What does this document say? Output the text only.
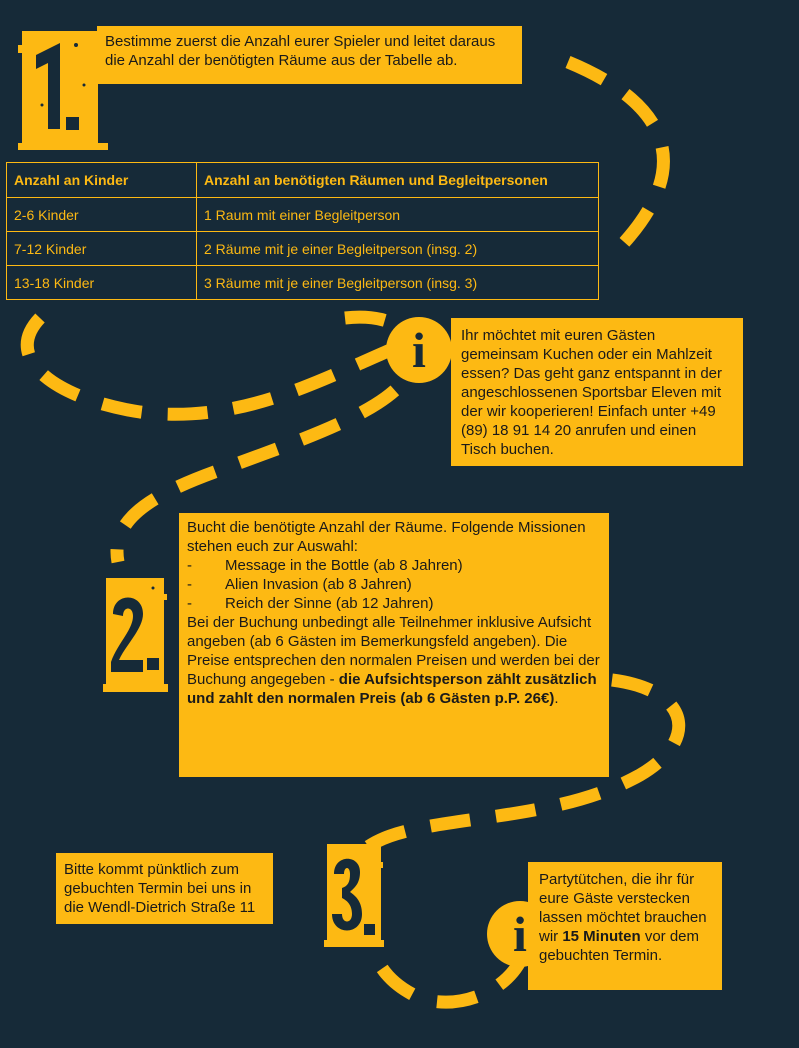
Bestimme zuerst die Anzahl eurer Spieler und leitet daraus die Anzahl der benötigten Räume aus der Tabelle ab.
Anzahl an Kinder	Anzahl an benötigten Räumen und Begleitpersonen
2-6 Kinder	1 Raum mit einer Begleitperson
7-12 Kinder	2 Räume mit je einer Begleitperson (insg. 2)
13-18 Kinder	3 Räume mit je einer Begleitperson (insg. 3)
i	Ihr möchtet mit euren Gästen gemeinsam Kuchen oder ein Mahlzeit essen? Das geht ganz entspannt in der angeschlossenen Sportsbar Eleven mit der wir kooperieren! Einfach unter +49 (89) 18 91 14 20 anrufen und einen Tisch buchen.
Bucht die benötigte Anzahl der Räume. Folgende Missionen stehen euch zur Auswahl:
- Message in the Bottle (ab 8 Jahren)
- Alien Invasion (ab 8 Jahren)
- Reich der Sinne (ab 12 Jahren)
Bei der Buchung unbedingt alle Teilnehmer inklusive Aufsicht angeben (ab 6 Gästen im Bemerkungsfeld angeben). Die Preise entsprechen den normalen Preisen und werden bei der Buchung angegeben - die Aufsichtsperson zählt zusätzlich und zahlt den normalen Preis (ab 6 Gästen p.P. 26€).
Bitte kommt pünktlich zum gebuchten Termin bei uns in die Wendl-Dietrich Straße 11	i
Partytütchen, die ihr für eure Gäste verstecken lassen möchtet brauchen wir 15 Minuten vor dem gebuchten Termin.
